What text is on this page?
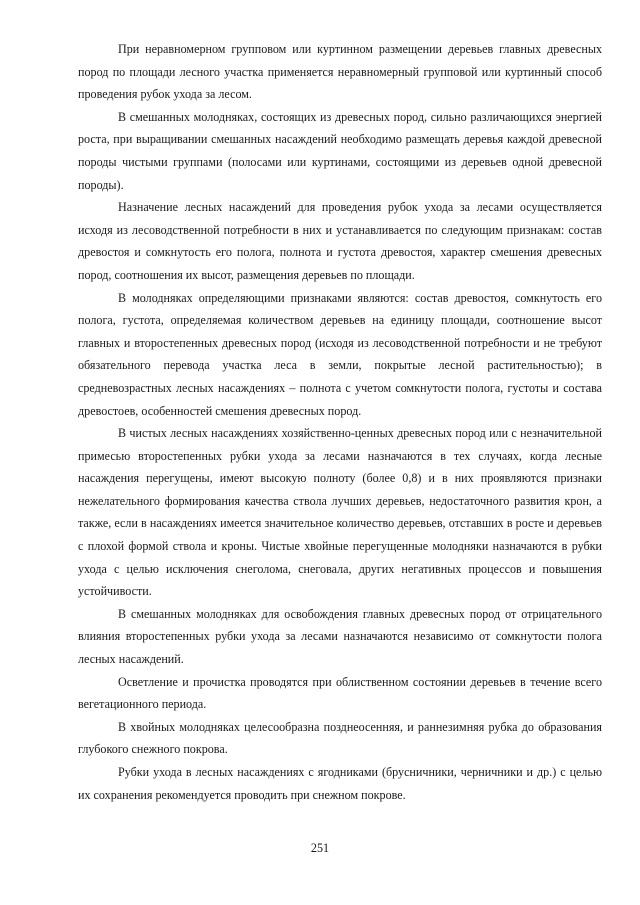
При неравномерном групповом или куртинном размещении деревьев главных древесных пород по площади лесного участка применяется неравномерный групповой или куртинный способ проведения рубок ухода за лесом.

В смешанных молодняках, состоящих из древесных пород, сильно различающихся энергией роста, при выращивании смешанных насаждений необходимо размещать деревья каждой древесной породы чистыми группами (полосами или куртинами, состоящими из деревьев одной древесной породы).

Назначение лесных насаждений для проведения рубок ухода за лесами осуществляется исходя из лесоводственной потребности в них и устанавливается по следующим признакам: состав древостоя и сомкнутость его полога, полнота и густота древостоя, характер смешения древесных пород, соотношения их высот, размещения деревьев по площади.

В молодняках определяющими признаками являются: состав древостоя, сомкнутость его полога, густота, определяемая количеством деревьев на единицу площади, соотношение высот главных и второстепенных древесных пород (исходя из лесоводственной потребности и не требуют обязательного перевода участка леса в земли, покрытые лесной растительностью); в средневозрастных лесных насаждениях – полнота с учетом сомкнутости полога, густоты и состава древостоев, особенностей смешения древесных пород.

В чистых лесных насаждениях хозяйственно-ценных древесных пород или с незначительной примесью второстепенных рубки ухода за лесами назначаются в тех случаях, когда лесные насаждения перегущены, имеют высокую полноту (более 0,8) и в них проявляются признаки нежелательного формирования качества ствола лучших деревьев, недостаточного развития крон, а также, если в насаждениях имеется значительное количество деревьев, отставших в росте и деревьев с плохой формой ствола и кроны. Чистые хвойные перегущенные молодняки назначаются в рубки ухода с целью исключения снеголома, снеговала, других негативных процессов и повышения устойчивости.

В смешанных молодняках для освобождения главных древесных пород от отрицательного влияния второстепенных рубки ухода за лесами назначаются независимо от сомкнутости полога лесных насаждений.

Осветление и прочистка проводятся при облиственном состоянии деревьев в течение всего вегетационного периода.

В хвойных молодняках целесообразна позднеосенняя, и раннезимняя рубка до образования глубокого снежного покрова.

Рубки ухода в лесных насаждениях с ягодниками (брусничники, черничники и др.) с целью их сохранения рекомендуется проводить при снежном покрове.

251
